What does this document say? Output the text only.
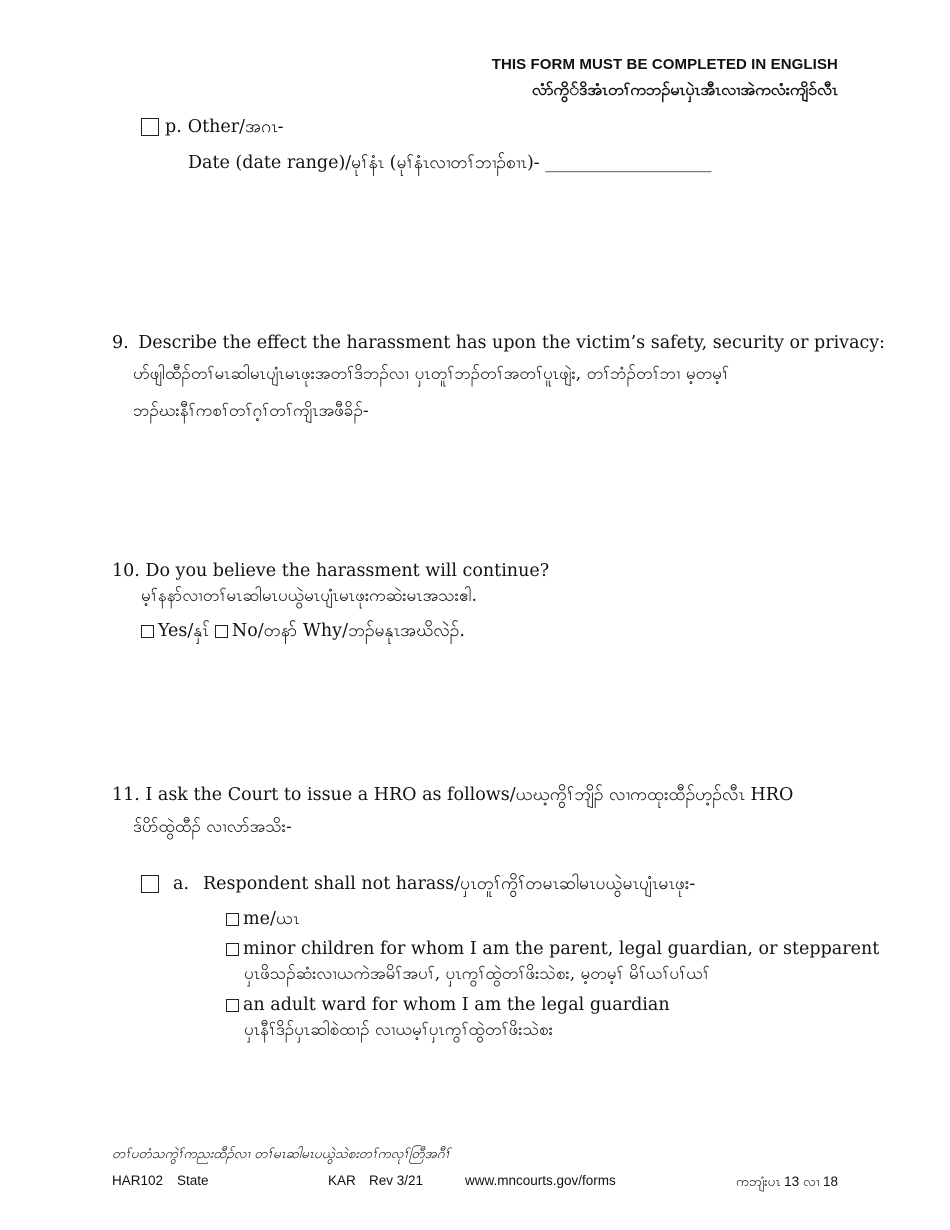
THIS FORM MUST BE COMPLETED IN ENGLISH
လံာ်ကွိ်ဒိအံၤတၢ်ကဘၣ်မၤပှဲၤအီၤလၢအဲကလံးကျိၥ်လီၤ
p. Other/အဂၤ-
Date (date range)/မုၢ်နံၤ (မုၢ်နံၤလၢတၢ်ဘၢၣ်စၢၤ)- ___________________
9. Describe the effect the harassment has upon the victim’s safety, security or privacy:
ဟ်ဖျါထီၣ်တၢ်မၤဆါမၤပျံၤမၤဖုးအတၢ်ဒိဘၣ်လၢ ပှၤတူၢ်ဘၣ်တၢ်အတၢ်ပူၤဖျဲး, တၢ်ဘံၣ်တၢ်ဘၢ မ့တမ့ၢ်
ဘၣ်ဃးနီၢ်ကစၢ်တၢ်ဂ့ၢ်တၢ်ကျိၤအဖီခိၣ်-
10. Do you believe the harassment will continue?
မ့ၢ်နနာ်လၢတၢ်မၤဆါမၤပယွဲမၤပျံၤမၤဖုးကဆဲးမၤအသးဧါ.
Yes/နှၤ် No/တနာ် Why/ဘၣ်မနုၤအဃိလဲၣ်.
11. I ask the Court to issue a HRO as follows/ယဃ့ကွိၢ်ဘျိၣ် လၢကထုးထီၣ်ဟ့ၣ်လီၤ HRO
ဒ်ပိာ်ထွဲထီၣ် လၢလာ်အသိး-
a. Respondent shall not harass/ပှၤတူၢ်ကွိၢ်တမၤဆါမၤပယွဲမၤပျံၤမၤဖုး-
me/ယၤ
minor children for whom I am the parent, legal guardian, or stepparent
ပှၤဖိသၣ်ဆံးလၢယကဲအမိၢ်အပၢ်, ပှၤကွၢ်ထွဲတၢ်ဖိးသဲစး, မ့တမ့ၢ် မိၢ်ယၢ်ပၢ်ယၢ်
an adult ward for whom I am the legal guardian
ပှၤနီၢ်ဒိၣ်ပှၤဆါစဲထၢၣ် လၢယမ့ၢ်ပှၤကွၢ်ထွဲတၢ်ဖိးသဲစး
တၢ်ပတံသကွဲၢ်ကညးထီၣ်လၢ တၢ်မၤဆါမၤပယွဲသဲစးတၢ်ကလုၢ်တြီအဂီၢ်
HAR102 State	KAR Rev 3/21	www.mncourts.gov/forms	ကဘျံးပၤ 13 လၢ 18
